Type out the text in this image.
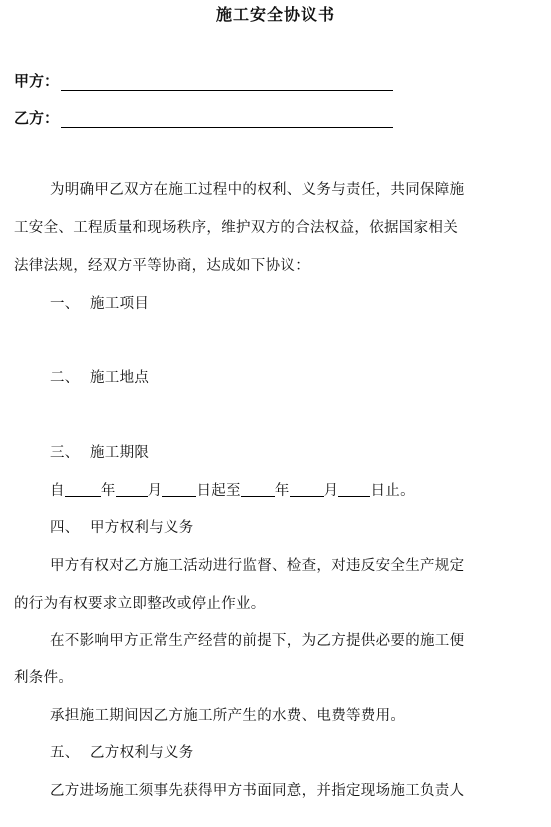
施工安全协议书
甲方：
乙方：
为明确甲乙双方在施工过程中的权利、义务与责任，共同保障施
工安全、工程质量和现场秩序，维护双方的合法权益，依据国家相关
法律法规，经双方平等协商，达成如下协议：
一、 施工项目
二、 施工地点
三、 施工期限
自 年 月 日起至 年 月 日止。
四、 甲方权利与义务
甲方有权对乙方施工活动进行监督、检查，对违反安全生产规定
的行为有权要求立即整改或停止作业。
在不影响甲方正常生产经营的前提下，为乙方提供必要的施工便
利条件。
承担施工期间因乙方施工所产生的水费、电费等费用。
五、 乙方权利与义务
乙方进场施工须事先获得甲方书面同意，并指定现场施工负责人
